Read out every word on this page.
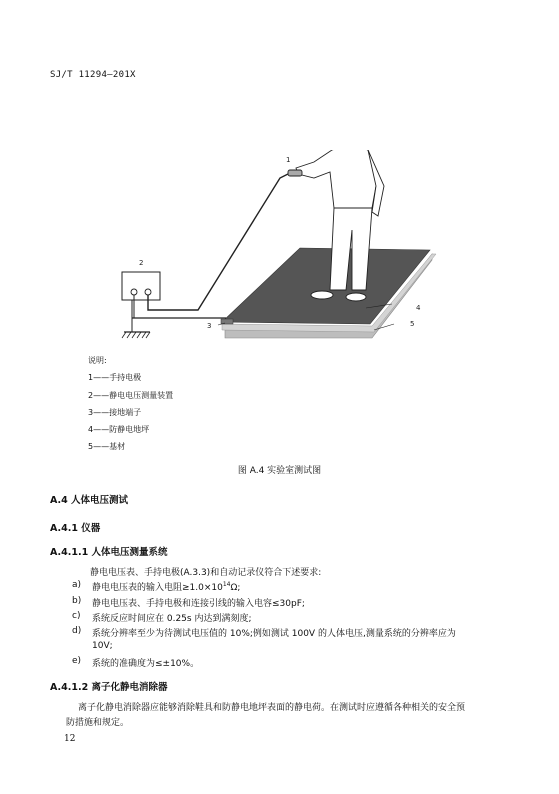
SJ/T 11294—201X
1
2
3
4
5
说明:
1——手持电极
2——静电电压测量装置
3——接地端子
4——防静电地坪
5——基材
图 A.4 实验室测试图
A.4 人体电压测试
A.4.1 仪器
A.4.1.1 人体电压测量系统
静电电压表、手持电极(A.3.3)和自动记录仪符合下述要求:
a) 静电电压表的输入电阻$\ge 1.0\times 10^{14}\Omega$;
b) 静电电压表、手持电极和连接引线的输入电容≤30pF;
c) 系统反应时间应在 0.25s 内达到满刻度;
d) 系统分辨率至少为待测试电压值的 10%;例如测试 100V 的人体电压,测量系统的分辨率应为
10V;
e) 系统的准确度为≤±10%。
A.4.1.2 离子化静电消除器
离子化静电消除器应能够消除鞋具和防静电地坪表面的静电荷。在测试时应遵循各种相关的安全预
防措施和规定。
12
